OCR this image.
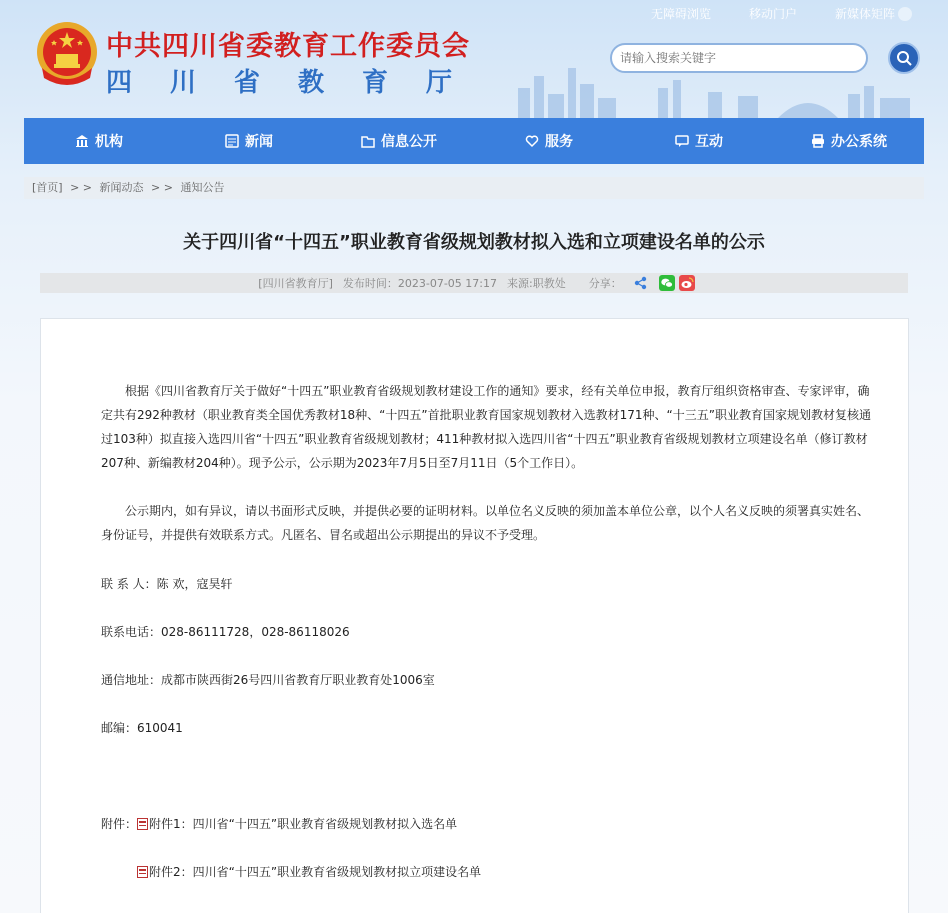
中共四川省委教育工作委员会
四川省教育厅
无障碍浏览	移动门户	新媒体矩阵
请输入搜索关键字
机构	新闻	信息公开	服务	互动	办公系统
[首页] > > 新闻动态 > > 通知公告
关于四川省“十四五”职业教育省级规划教材拟入选和立项建设名单的公示
[四川省教育厅] 发布时间：2023-07-05 17:17 来源:职教处 分享：
根据《四川省教育厅关于做好“十四五”职业教育省级规划教材建设工作的通知》要求，经有关单位申报，教育厅组织资格审查、专家评审，确定共有292种教材（职业教育类全国优秀教材18种、“十四五”首批职业教育国家规划教材入选教材171种、“十三五”职业教育国家规划教材复核通过103种）拟直接入选四川省“十四五”职业教育省级规划教材；411种教材拟入选四川省“十四五”职业教育省级规划教材立项建设名单（修订教材207种、新编教材204种）。现予公示，公示期为2023年7月5日至7月11日（5个工作日）。
公示期内，如有异议，请以书面形式反映，并提供必要的证明材料。以单位名义反映的须加盖本单位公章，以个人名义反映的须署真实姓名、身份证号，并提供有效联系方式。凡匿名、冒名或超出公示期提出的异议不予受理。
联 系 人：陈 欢，寇昊轩
联系电话：028-86111728，028-86118026
通信地址：成都市陕西街26号四川省教育厅职业教育处1006室
邮编：610041
附件： 附件1：四川省“十四五”职业教育省级规划教材拟入选名单
附件2：四川省“十四五”职业教育省级规划教材拟立项建设名单
